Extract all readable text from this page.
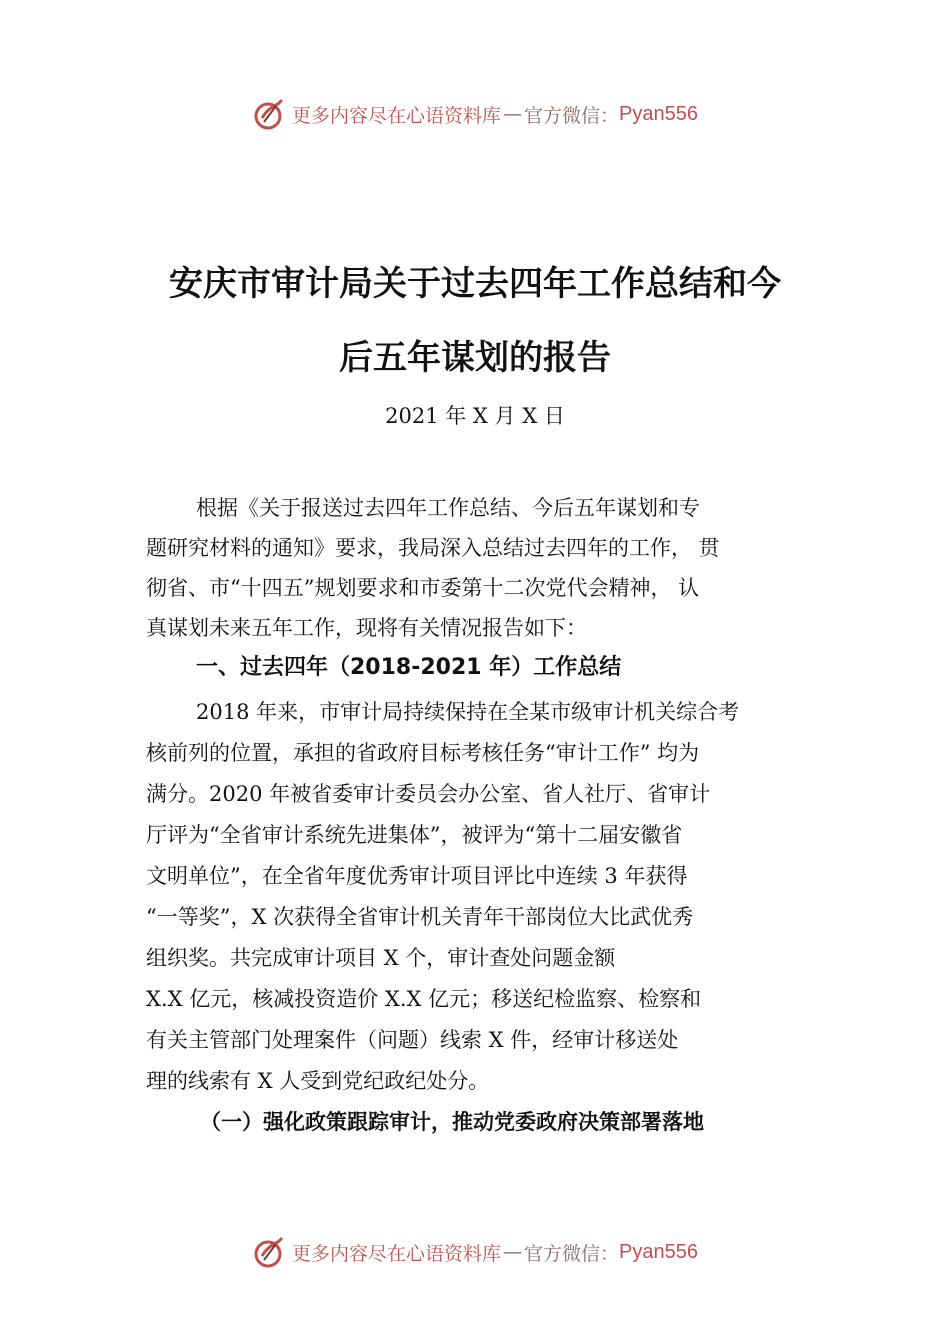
更多内容尽在心语资料库 — 官方微信： Pyan556
安庆市审计局关于过去四年工作总结和今
后五年谋划的报告
2021 年 X 月 X 日
根据《关于报送过去四年工作总结、今后五年谋划和专
题研究材料的通知》要求，我局深入总结过去四年的工作， 贯
彻省、市“十四五”规划要求和市委第十二次党代会精神， 认
真谋划未来五年工作，现将有关情况报告如下：
一、过去四年（2018-2021 年）工作总结
2018 年来，市审计局持续保持在全某市级审计机关综合考
核前列的位置，承担的省政府目标考核任务“审计工作” 均为
满分。2020 年被省委审计委员会办公室、省人社厅、省审计
厅评为“全省审计系统先进集体”，被评为“第十二届安徽省
文明单位”，在全省年度优秀审计项目评比中连续 3 年获得
“一等奖”，X 次获得全省审计机关青年干部岗位大比武优秀
组织奖。共完成审计项目 X 个，审计查处问题金额
X.X 亿元，核减投资造价 X.X 亿元；移送纪检监察、检察和
有关主管部门处理案件（问题）线索 X 件，经审计移送处
理的线索有 X 人受到党纪政纪处分。
（一）强化政策跟踪审计，推动党委政府决策部署落地
更多内容尽在心语资料库 — 官方微信： Pyan556
